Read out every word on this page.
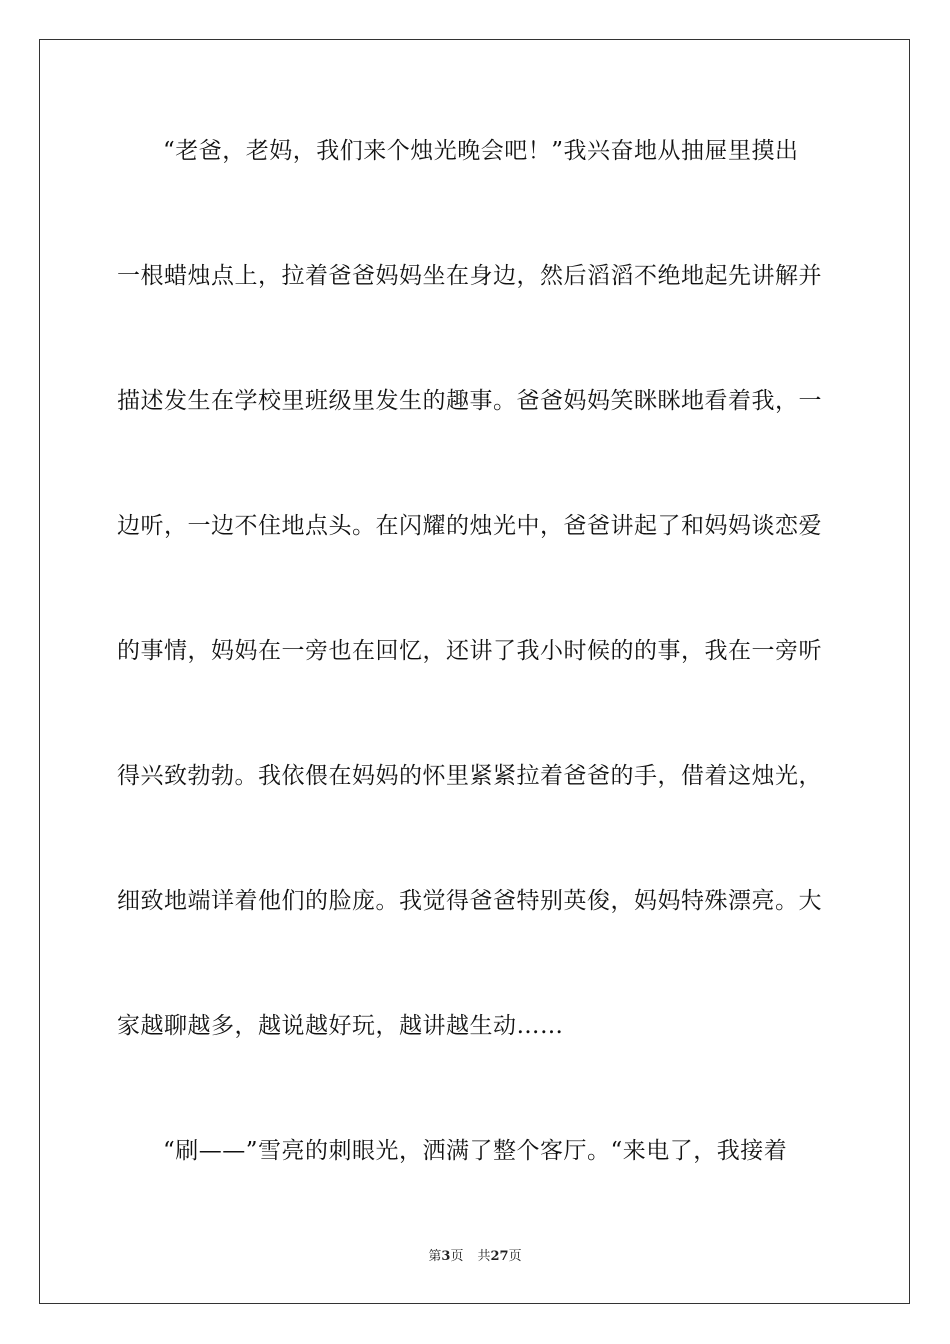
“老爸，老妈，我们来个烛光晚会吧！”我兴奋地从抽屉里摸出
一根蜡烛点上，拉着爸爸妈妈坐在身边，然后滔滔不绝地起先讲解并
描述发生在学校里班级里发生的趣事。爸爸妈妈笑眯眯地看着我，一
边听，一边不住地点头。在闪耀的烛光中，爸爸讲起了和妈妈谈恋爱
的事情，妈妈在一旁也在回忆，还讲了我小时候的的事，我在一旁听
得兴致勃勃。我依偎在妈妈的怀里紧紧拉着爸爸的手，借着这烛光，
细致地端详着他们的脸庞。我觉得爸爸特别英俊，妈妈特殊漂亮。大
家越聊越多，越说越好玩，越讲越生动……
“刷——”雪亮的刺眼光，洒满了整个客厅。“来电了，我接着
第3页 共27页
